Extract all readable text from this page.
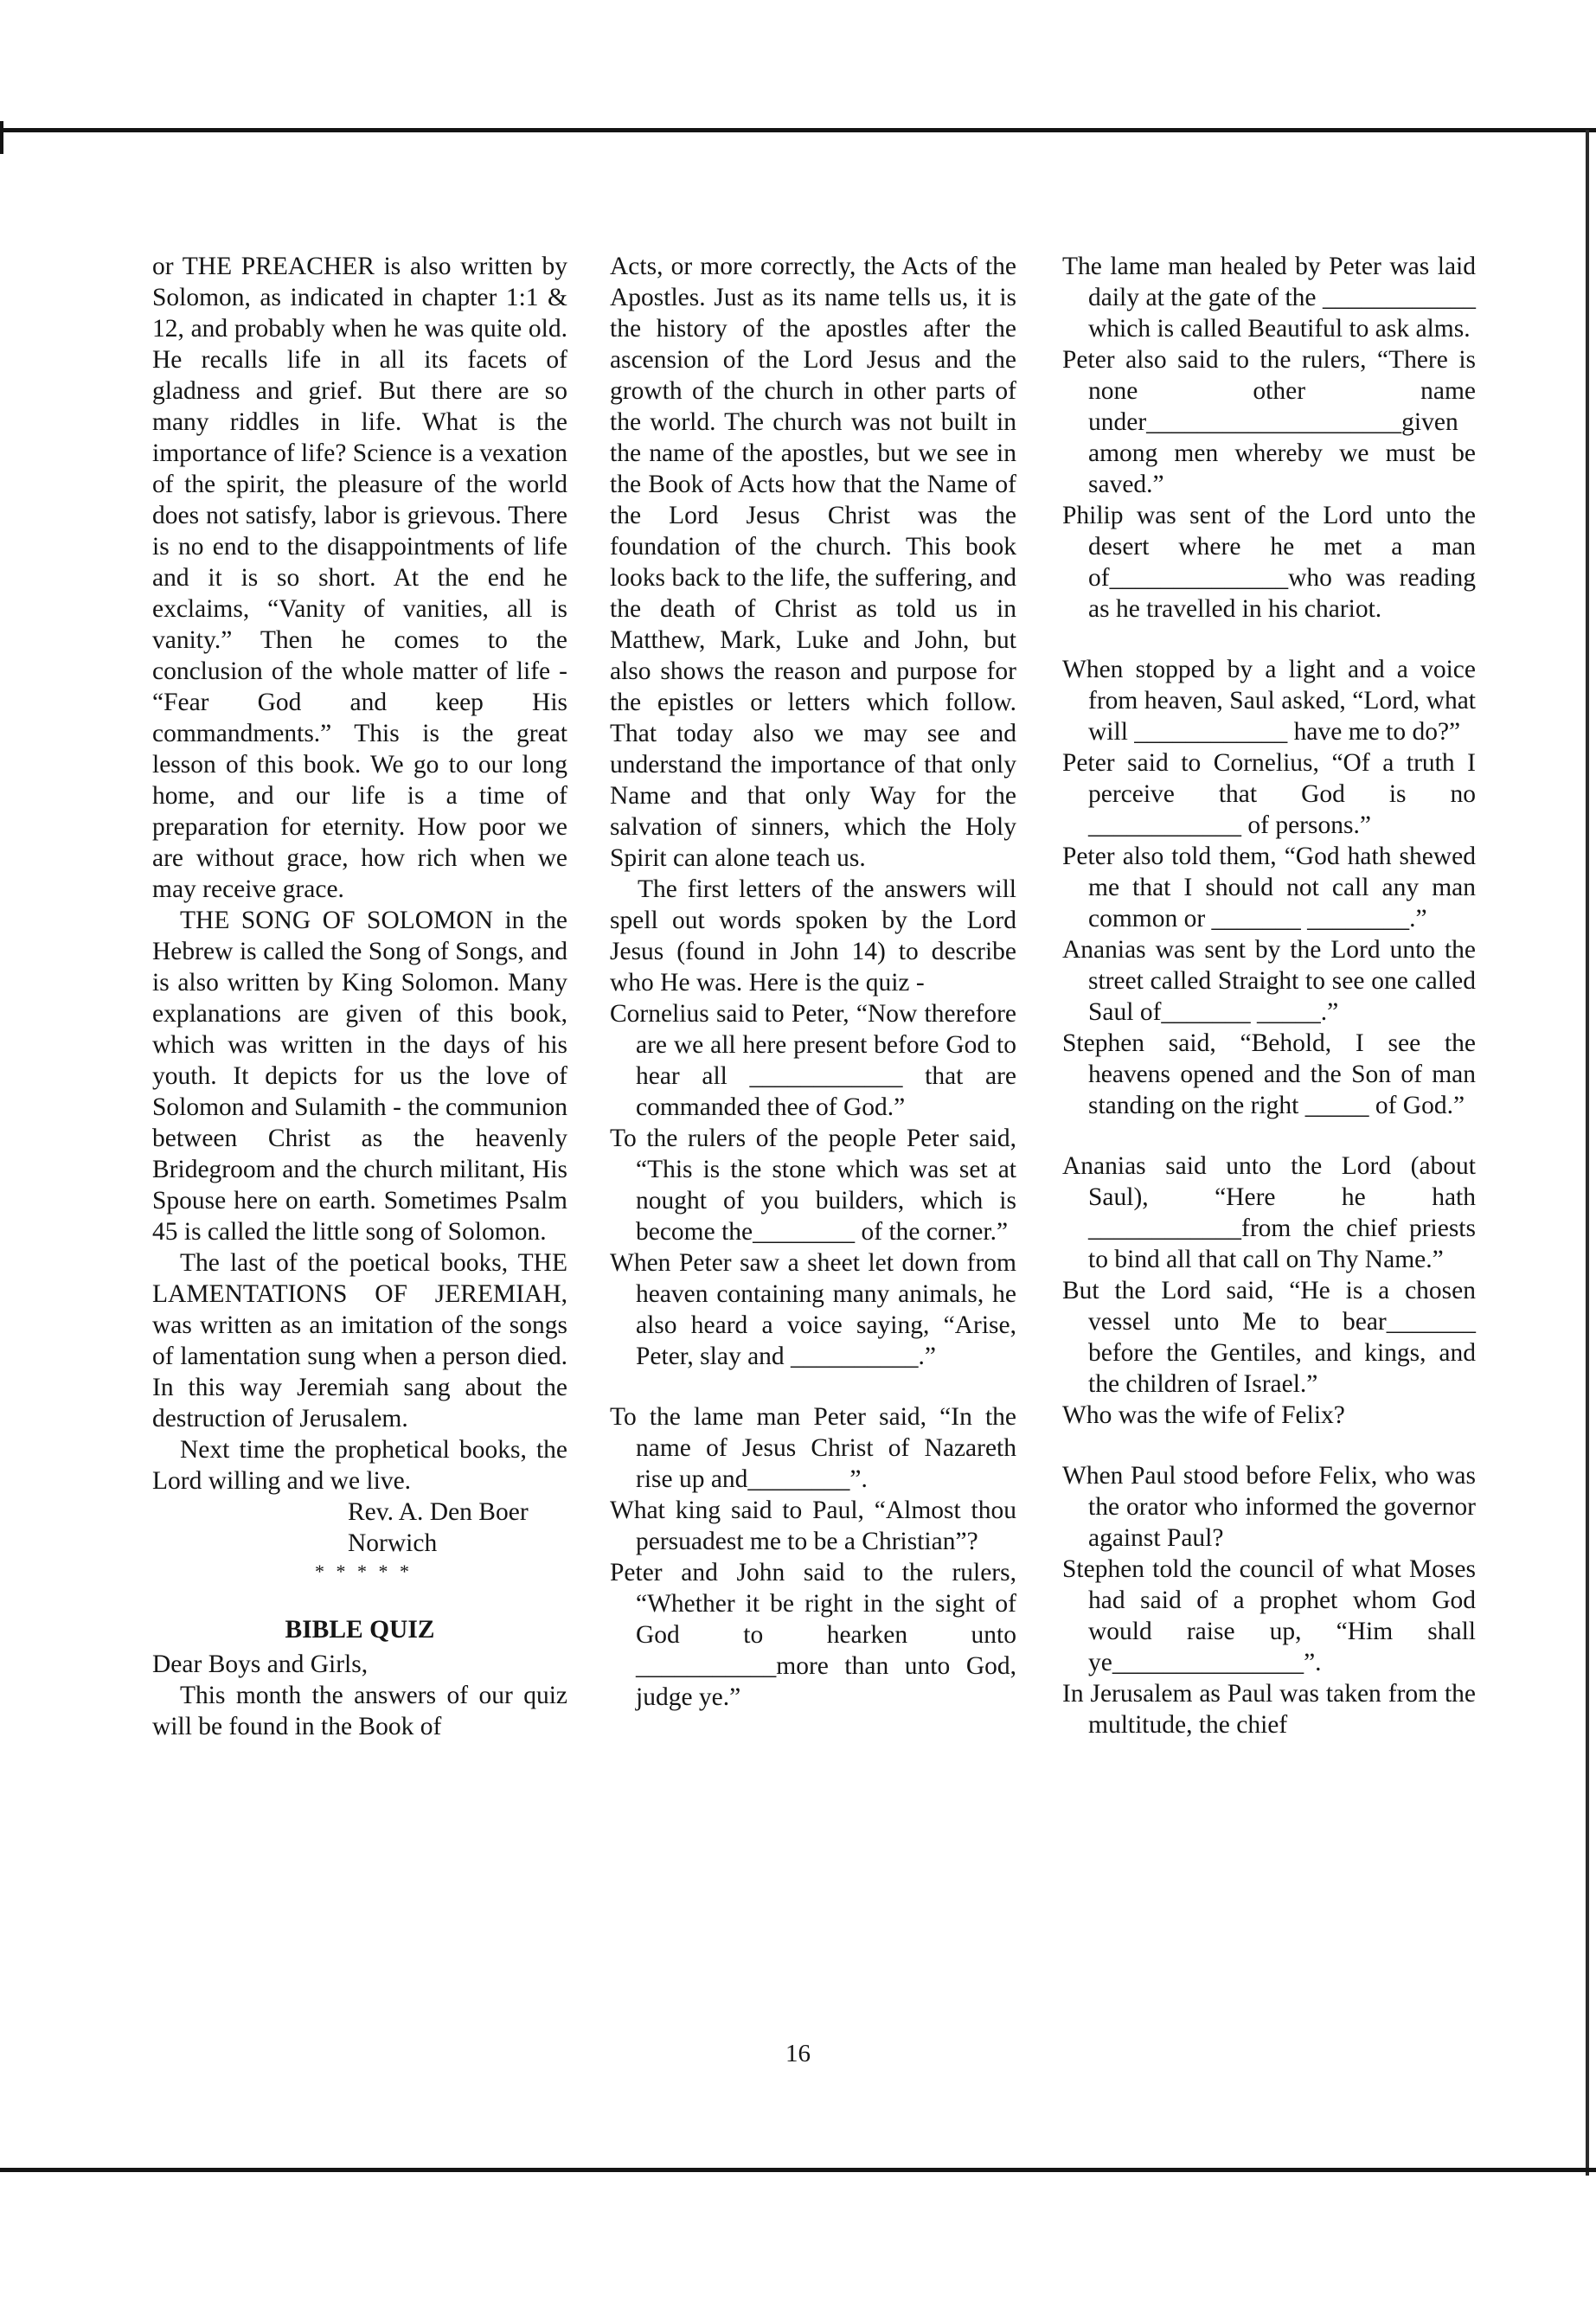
or THE PREACHER is also written by Solomon, as indicated in chapter 1:1 & 12, and probably when he was quite old. He recalls life in all its facets of gladness and grief. But there are so many riddles in life. What is the importance of life? Science is a vexation of the spirit, the pleasure of the world does not satisfy, labor is grievous. There is no end to the disappointments of life and it is so short. At the end he exclaims, “Vanity of vanities, all is vanity.” Then he comes to the conclusion of the whole matter of life - “Fear God and keep His commandments.” This is the great lesson of this book. We go to our long home, and our life is a time of preparation for eternity. How poor we are without grace, how rich when we may receive grace.

THE SONG OF SOLOMON in the Hebrew is called the Song of Songs, and is also written by King Solomon. Many explanations are given of this book, which was written in the days of his youth. It depicts for us the love of Solomon and Sulamith - the communion between Christ as the heavenly Bridegroom and the church militant, His Spouse here on earth. Sometimes Psalm 45 is called the little song of Solomon.

The last of the poetical books, THE LAMENTATIONS OF JEREMIAH, was written as an imitation of the songs of lamentation sung when a person died. In this way Jeremiah sang about the destruction of Jerusalem.

Next time the prophetical books, the Lord willing and we live.

Rev. A. Den Boer

Norwich

* * * * *

BIBLE QUIZ

Dear Boys and Girls,

This month the answers of our quiz will be found in the Book of

Acts, or more correctly, the Acts of the Apostles. Just as its name tells us, it is the history of the apostles after the ascension of the Lord Jesus and the growth of the church in other parts of the world. The church was not built in the name of the apostles, but we see in the Book of Acts how that the Name of the Lord Jesus Christ was the foundation of the church. This book looks back to the life, the suffering, and the death of Christ as told us in Matthew, Mark, Luke and John, but also shows the reason and purpose for the epistles or letters which follow. That today also we may see and understand the importance of that only Name and that only Way for the salvation of sinners, which the Holy Spirit can alone teach us.

The first letters of the answers will spell out words spoken by the Lord Jesus (found in John 14) to describe who He was. Here is the quiz -

Cornelius said to Peter, “Now therefore are we all here present before God to hear all ____________ that are commanded thee of God.”

To the rulers of the people Peter said, “This is the stone which was set at nought of you builders, which is become the________ of the corner.”

When Peter saw a sheet let down from heaven containing many animals, he also heard a voice saying, “Arise, Peter, slay and __________.”

To the lame man Peter said, “In the name of Jesus Christ of Nazareth rise up and________”.

What king said to Paul, “Almost thou persuadest me to be a Christian”?

Peter and John said to the rulers, “Whether it be right in the sight of God to hearken unto ___________more than unto God, judge ye.”

The lame man healed by Peter was laid daily at the gate of the ____________ which is called Beautiful to ask alms.

Peter also said to the rulers, “There is none other name under____________________given among men whereby we must be saved.”

Philip was sent of the Lord unto the desert where he met a man of______________who was reading as he travelled in his chariot.

When stopped by a light and a voice from heaven, Saul asked, “Lord, what will ____________ have me to do?”

Peter said to Cornelius, “Of a truth I perceive that God is no ____________ of persons.”

Peter also told them, “God hath shewed me that I should not call any man common or _______ ________.”

Ananias was sent by the Lord unto the street called Straight to see one called Saul of_______ _____.”

Stephen said, “Behold, I see the heavens opened and the Son of man standing on the right _____ of God.”

Ananias said unto the Lord (about Saul), “Here he hath ____________from the chief priests to bind all that call on Thy Name.”

But the Lord said, “He is a chosen vessel unto Me to bear_______ before the Gentiles, and kings, and the children of Israel.”

Who was the wife of Felix?

When Paul stood before Felix, who was the orator who informed the governor against Paul?

Stephen told the council of what Moses had said of a prophet whom God would raise up, “Him shall ye_______________”.

In Jerusalem as Paul was taken from the multitude, the chief

16
